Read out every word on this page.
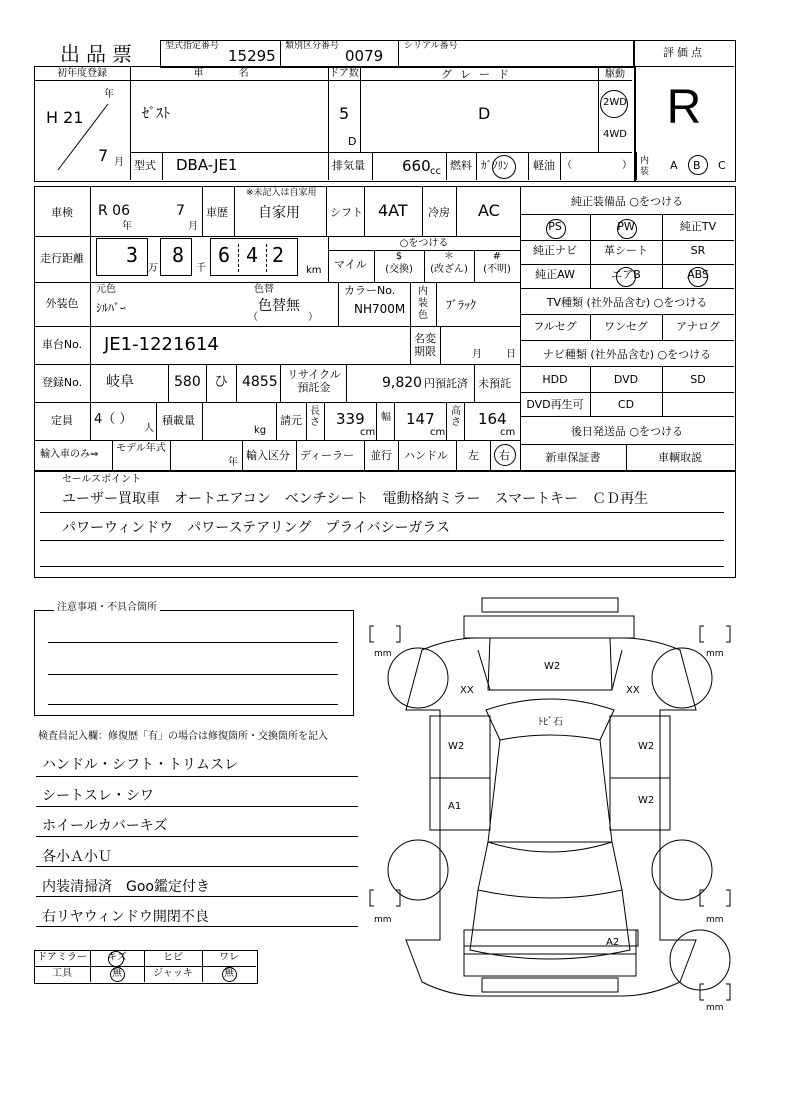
出品票	型式指定番号
15295
類別区分番号
0079
シリアル番号	評価点
R
初年度登録
H 21
年
7 月
車 名
ｾﾞｽﾄ
ドア数
5
D
グレード
D
駆動
2WD
4WD
型式 DBA-JE1	排気量 660 cc 燃料 ｶﾞｿﾘﾝ 軽油 （　　　　　） 内装 A B C
車検	R 06
年
7
月
車歴
※未記入は自家用
自家用	シフト 4AT 冷房 AC
走行距離	3
万
8
千
6 4 2
km
○をつける
マイル
$
(交換)
＊
(改ざん)
#
(不明)
外装色
元色
ｼﾙﾊﾞｰ
色替
色替無
（　　　　　）
カラーNo.
NH700M
内装色
ﾌﾞﾗｯｸ
車台No.	JE1-1221614	名変期限	月 日
登録No.	岐阜	580 ひ 4855 リサイクル預託金	9,820 円預託済 未預託
定員	4（ ）
人
積載量
kg
請元
長さ 339
cm
幅 147
cm
高さ 164
cm
輸入車のみ⇒
モデル年式
年
輸入区分 ディーラー 並行 ハンドル 左 右
純正装備品 ○をつける
PS	PW	純正TV
純正ナビ	革シート	SR
純正AW	エアB	ABS
TV種類 (社外品含む) ○をつける
フルセグ	ワンセグ	アナログ
ナビ種類 (社外品含む) ○をつける
HDD	DVD	SD
DVD再生可	CD
後日発送品 ○をつける
新車保証書	車輌取説
セールスポイント
ユーザー買取車　オートエアコン　ベンチシート　電動格納ミラー　スマートキー　ＣＤ再生
パワーウィンドウ　パワーステアリング　プライバシーガラス
注意事項・不具合箇所
検査員記入欄：修復歴「有」の場合は修復箇所・交換箇所を記入
ハンドル・シフト・トリムスレ
シートスレ・シワ
ホイールカバーキズ
各小Ａ小Ｕ
内装清掃済　Goo鑑定付き
右リヤウィンドウ開閉不良
ドアミラー	キズ	ヒビ	ワレ
工具	無	ジャッキ	無
mm	mm
mm	mm
mm
W2
XX	XX
ﾄﾋﾞ石
W2	W2
A1
W2
A2
